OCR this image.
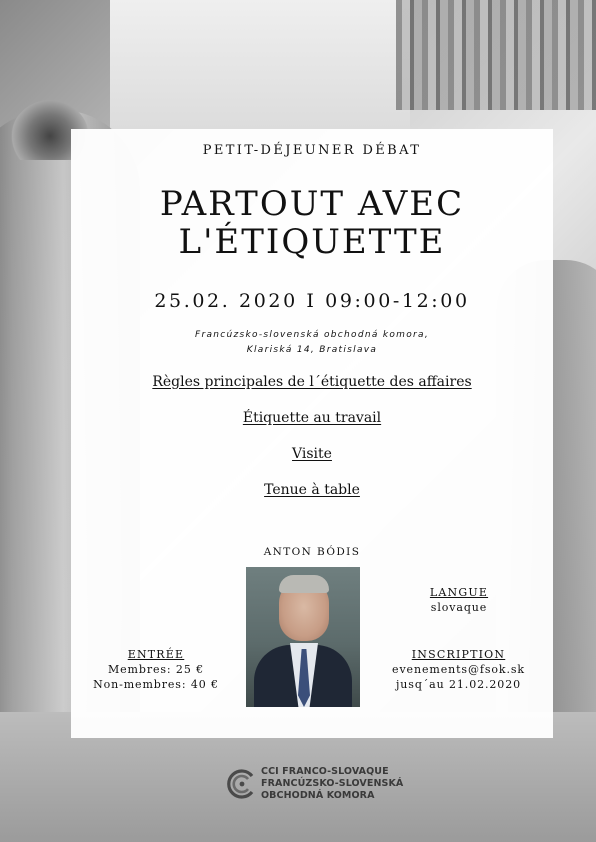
PETIT-DÉJEUNER DÉBAT
PARTOUT AVEC
L'ÉTIQUETTE
25.02. 2020 I 09:00-12:00
Francúzsko-slovenská obchodná komora,
Klariská 14, Bratislava
Règles principales de l´étiquette des affaires
Étiquette au travail
Visite
Tenue à table
ANTON BÓDIS
LANGUE
slovaque
ENTRÉE
Membres: 25 €
Non-membres: 40 €
INSCRIPTION
evenements@fsok.sk
jusq´au 21.02.2020
CCI FRANCO-SLOVAQUE
FRANCÚZSKO-SLOVENSKÁ
OBCHODNÁ KOMORA
